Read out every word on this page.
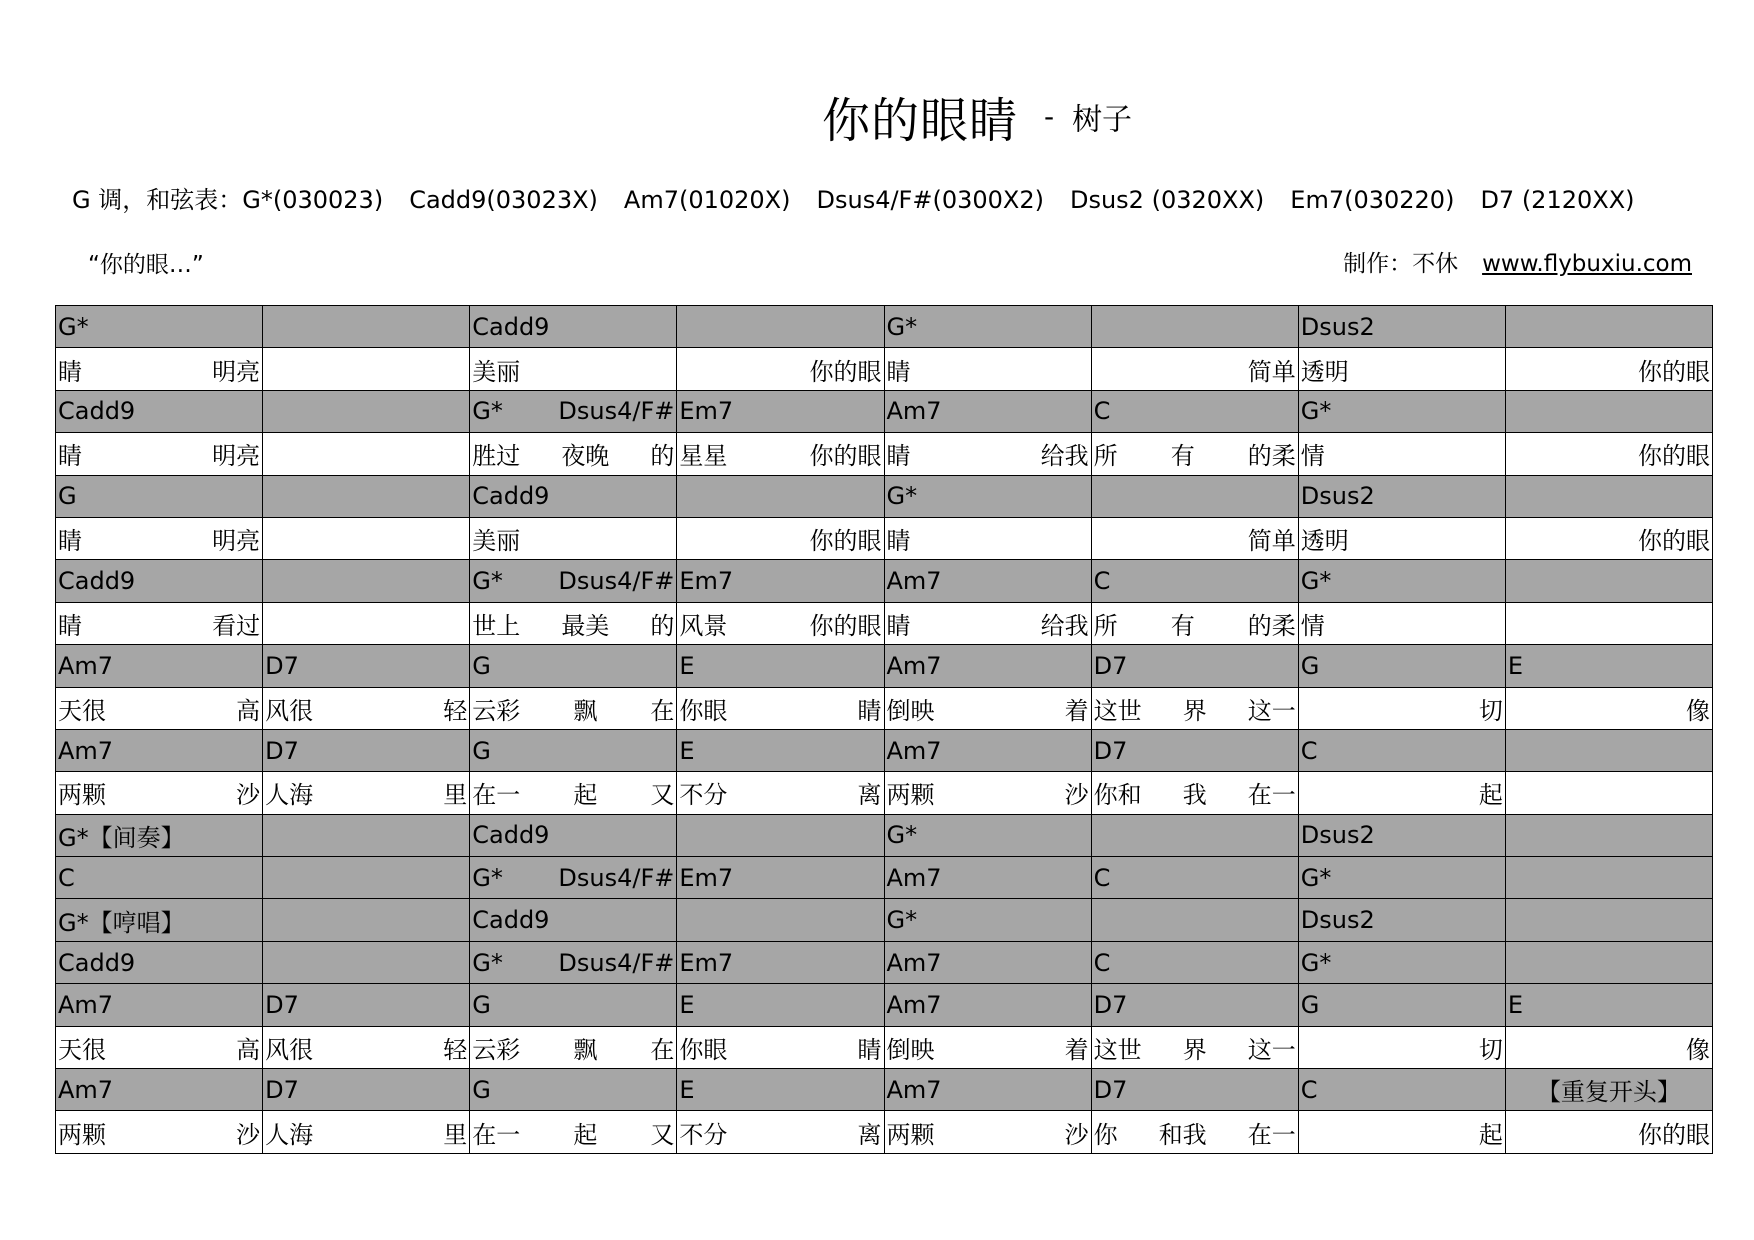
你的眼睛 - 树子
G 调，和弦表：G*(030023) Cadd9(03023X) Am7(01020X) Dsus4/F#(0300X2) Dsus2 (0320XX) Em7(030220) D7 (2120XX)
“你的眼…”	制作：不休 www.flybuxiu.com
G*		Cadd9		G*		Dsus2	

睛 明亮		美丽	你的眼	睛	简单	透明	你的眼

Cadd9		G* Dsus4/F#	Em7	Am7	C	G*	

睛 明亮		胜过 夜晚 的	星星 你的眼	睛 给我	所 有 的柔	情	你的眼

G		Cadd9		G*		Dsus2	

睛 明亮		美丽	你的眼	睛	简单	透明	你的眼

Cadd9		G* Dsus4/F#	Em7	Am7	C	G*	

睛 看过		世上 最美 的	风景 你的眼	睛 给我	所 有 的柔	情	

Am7	D7	G	E	Am7	D7	G	E

天很 高	风很 轻	云彩 飘 在	你眼 睛	倒映 着	这世 界 这一	切	像

Am7	D7	G	E	Am7	D7	C	

两颗 沙	人海 里	在一 起 又	不分 离	两颗 沙	你和 我 在一	起	

G*【间奏】		Cadd9		G*		Dsus2	

C		G* Dsus4/F#	Em7	Am7	C	G*	

G*【哼唱】		Cadd9		G*		Dsus2	

Cadd9		G* Dsus4/F#	Em7	Am7	C	G*	

Am7	D7	G	E	Am7	D7	G	E

天很 高	风很 轻	云彩 飘 在	你眼 睛	倒映 着	这世 界 这一	切	像

Am7	D7	G	E	Am7	D7	C	【重复开头】

两颗 沙	人海 里	在一 起 又	不分 离	两颗 沙	你 和我 在一	起	你的眼
